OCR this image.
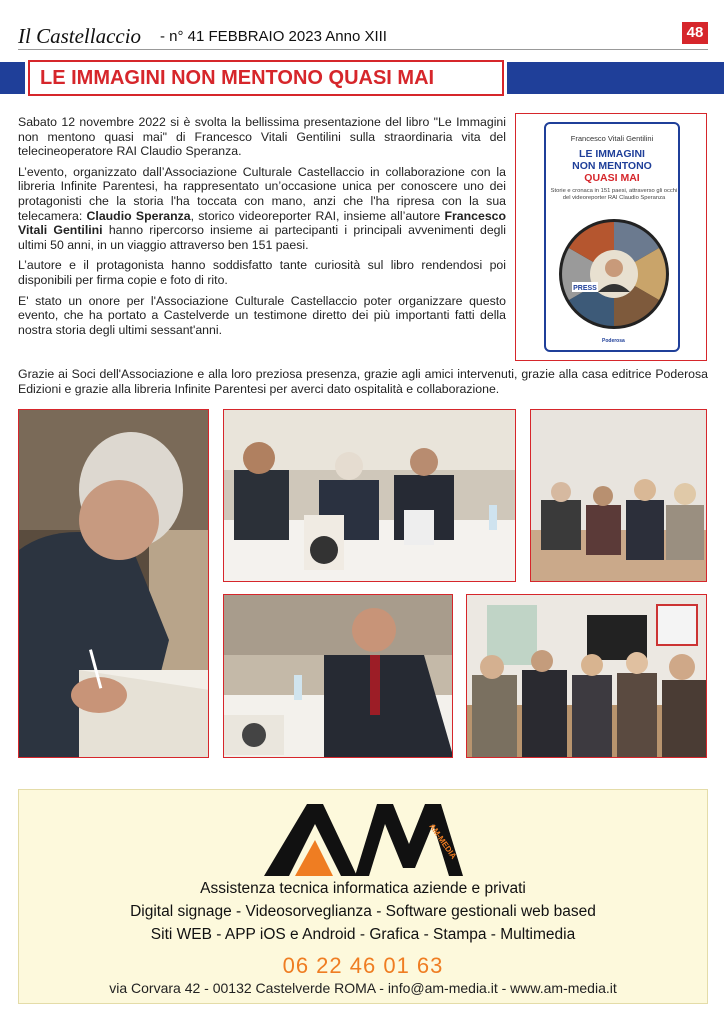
Il Castellaccio - n° 41 FEBBRAIO 2023 Anno XIII	48
LE IMMAGINI NON MENTONO QUASI MAI

Sabato 12 novembre 2022 si è svolta la bellissima presentazione del libro "Le Immagini non mentono quasi mai" di Francesco Vitali Gentilini sulla straordinaria vita del telecineoperatore RAI Claudio Speranza.

L’evento, organizzato dall’Associazione Culturale Castellaccio in collaborazione con la libreria Infinite Parentesi, ha rappresentato un’occasione unica per conoscere uno dei protagonisti che la storia l'ha toccata con mano, anzi che l'ha ripresa con la sua telecamera: Claudio Speranza, storico videoreporter RAI, insieme all’autore Francesco Vitali Gentilini hanno ripercorso insieme ai partecipanti i principali avvenimenti degli ultimi 50 anni, in un viaggio attraverso ben 151 paesi.

L’autore e il protagonista hanno soddisfatto tante curiosità sul libro rendendosi poi disponibili per firma copie e foto di rito.

E' stato un onore per l'Associazione Culturale Castellaccio poter organizzare questo evento, che ha portato a Castelverde un testimone diretto dei più importanti fatti della nostra storia degli ultimi sessant'anni.

Grazie ai Soci dell'Associazione e alla loro preziosa presenza, grazie agli amici intervenuti, grazie alla casa editrice Poderosa Edizioni e grazie alla libreria Infinite Parentesi per averci dato ospitalità e collaborazione.
Francesco Vitali Gentilini
LE IMMAGINI
NON MENTONO
QUASI MAI
Storie e cronaca in 151 paesi, attraverso gli occhi del videoreporter RAI Claudio Speranza
PRESS
Poderosa
AM-MEDIA
Assistenza tecnica informatica aziende e privati
Digital signage - Videosorveglianza - Software gestionali web based
Siti WEB - APP iOS e Android - Grafica - Stampa - Multimedia
06 22 46 01 63
via Corvara 42 - 00132 Castelverde ROMA - info@am-media.it - www.am-media.it
